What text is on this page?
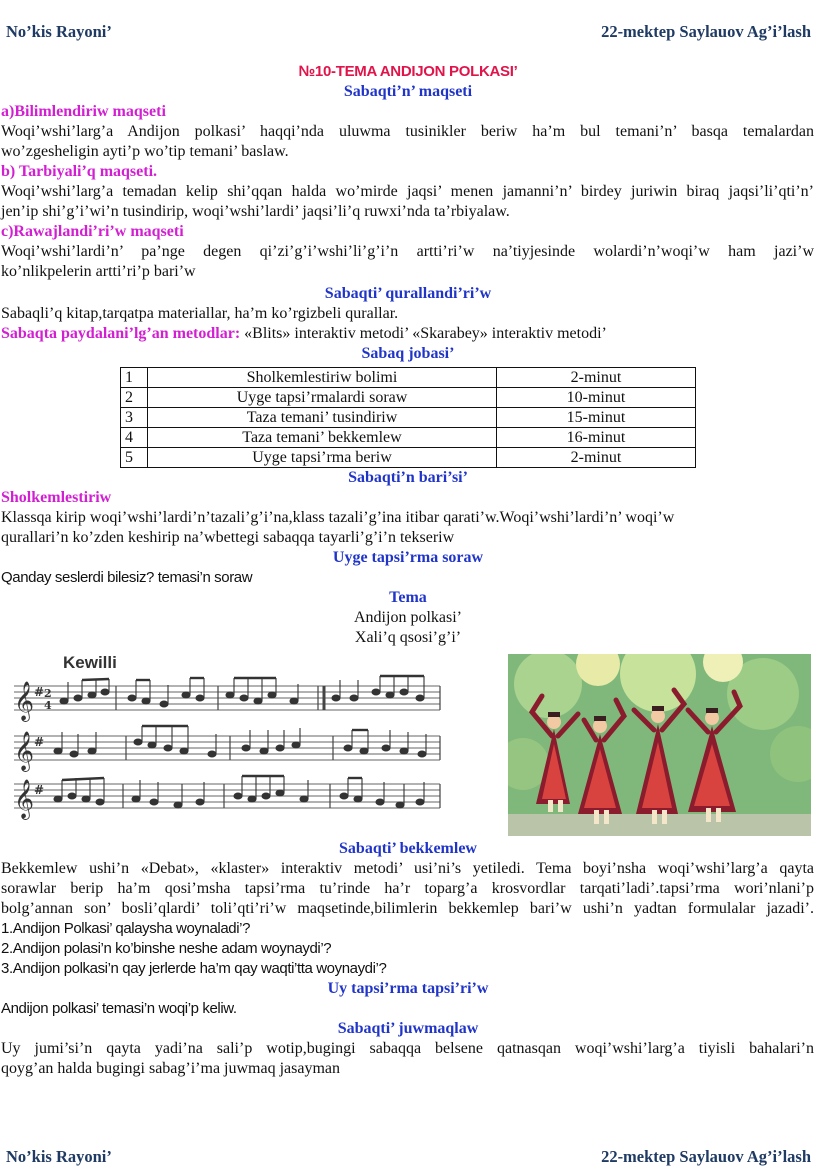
No’kis Rayoni’	22-mektep Saylauov Ag’i’lash
№10-TEMA ANDIJON POLKASI’
Sabaqti’n’ maqseti
a)Bilimlendiriw maqseti
Woqi’wshi’larg’a Andijon polkasi’ haqqi’nda uluwma tusinikler beriw ha’m bul temani’n’ basqa temalardan
wo’zgesheligin ayti’p wo’tip temani’ baslaw.
b) Tarbiyali’q maqseti.
Woqi’wshi’larg’a temadan kelip shi’qqan halda wo’mirde jaqsi’ menen jamanni’n’ birdey juriwin biraq jaqsi’li’qti’n’
jen’ip shi’g’i’wi’n tusindirip, woqi’wshi’lardi’ jaqsi’li’q ruwxi’nda ta’rbiyalaw.
c)Rawajlandi’ri’w maqseti
Woqi’wshi’lardi’n’ pa’nge degen qi’zi’g’i’wshi’li’g’i’n artti’ri’w na’tiyjesinde wolardi’n’woqi’w ham jazi’w
ko’nlikpelerin artti’ri’p bari’w
Sabaqti’ qurallandi’ri’w
Sabaqli’q kitap,tarqatpa materiallar, ha’m ko’rgizbeli qurallar.
Sabaqta paydalani’lg’an metodlar: «Blits» interaktiv metodi’ «Skarabey» interaktiv metodi’
Sabaq jobasi’
1	Sholkemlestiriw bolimi	2-minut
2	Uyge tapsi’rmalardi soraw	10-minut
3	Taza temani’ tusindiriw	15-minut
4	Taza temani’ bekkemlew	16-minut
5	Uyge tapsi’rma beriw	2-minut
Sabaqti’n bari’si’
Sholkemlestiriw
Klassqa kirip woqi’wshi’lardi’n’tazali’g’i’na,klass tazali’g’ina itibar qarati’w.Woqi’wshi’lardi’n’ woqi’w
qurallari’n ko’zden keshirip na’wbettegi sabaqqa tayarli’g’i’n tekseriw
Uyge tapsi’rma soraw
Qanday seslerdi bilesiz? temasi’n soraw
Tema
Andijon polkasi’
Xali’q qsosi’g’i’
Kewilli
𝄞
𝄞
𝄞
#
#
#
2
4
Sabaqti’ bekkemlew
Bekkemlew ushi’n «Debat», «klaster» interaktiv metodi’ usi’ni’s yetiledi. Tema boyi’nsha woqi’wshi’larg’a qayta
sorawlar berip ha’m qosi’msha tapsi’rma tu’rinde ha’r toparg’a krosvordlar tarqati’ladi’.tapsi’rma wori’nlani’p
bolg’annan son’ bosli’qlardi’ toli’qti’ri’w maqsetinde,bilimlerin bekkemlep bari’w ushi’n yadtan formulalar jazadi’.
1.Andijon Polkasi’ qalaysha woynaladi’?
2.Andijon polasi’n ko’binshe neshe adam woynaydi’?
3.Andijon polkasi’n qay jerlerde ha’m qay waqti’tta woynaydi’?
Uy tapsi’rma tapsi’ri’w
Andijon polkasi’ temasi’n woqi’p keliw.
Sabaqti’ juwmaqlaw
Uy jumi’si’n qayta yadi’na sali’p wotip,bugingi sabaqqa belsene qatnasqan woqi’wshi’larg’a tiyisli bahalari’n
qoyg’an halda bugingi sabag’i’ma juwmaq jasayman
No’kis Rayoni’	22-mektep Saylauov Ag’i’lash
